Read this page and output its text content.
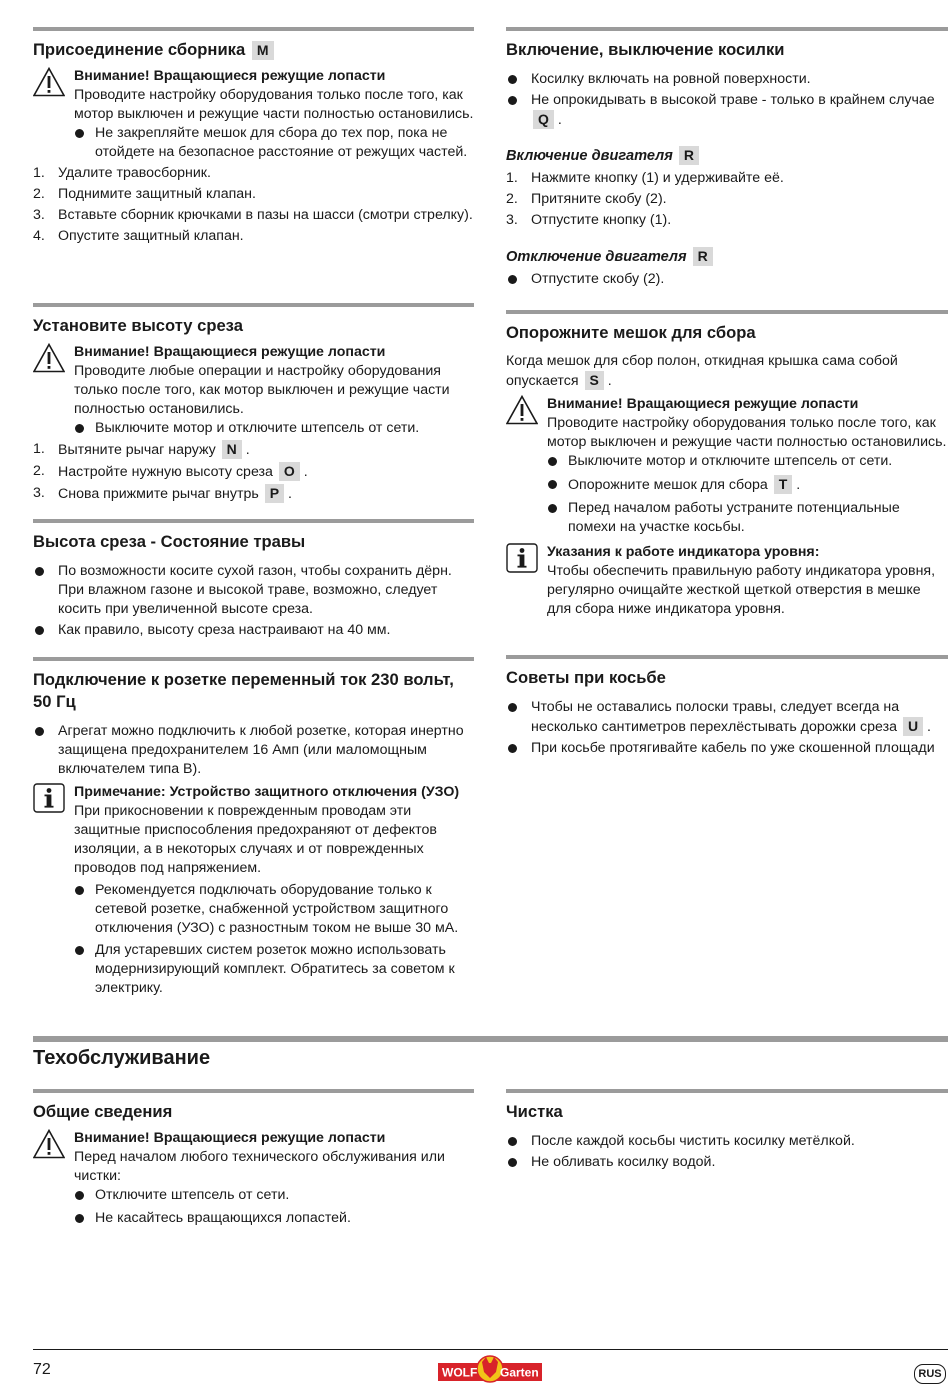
Присоединение сборника M

Внимание! Вращающиеся режущие лопасти

Проводите настройку оборудования только после того, как мотор выключен и режущие части полностью остановились.

Не закрепляйте мешок для сбора до тех пор, пока не отойдете на безопасное расстояние от режущих частей.
1. Удалите травосборник.
2. Поднимите защитный клапан.
3. Вставьте сборник крючками в пазы на шасси (смотри стрелку).
4. Опустите защитный клапан.
Установите высоту среза

Внимание! Вращающиеся режущие лопасти

Проводите любые операции и настройку оборудования только после того, как мотор выключен и режущие части полностью остановились.

Выключите мотор и отключите штепсель от сети.
1. Вытяните рычаг наружу N .
2. Настройте нужную высоту среза O .
3. Снова прижмите рычаг внутрь P .
Высота среза - Состояние травы
По возможности косите сухой газон, чтобы сохранить дёрн. При влажном газоне и высокой траве, возможно, следует косить при увеличенной высоте среза.
Как правило, высоту среза настраивают на 40 мм.
Подключение к розетке переменный ток 230 вольт, 50 Гц
Агрегат можно подключить к любой розетке, которая инертно защищена предохранителем 16 Амп (или маломощным включателем типа B).

Примечание: Устройство защитного отключения (УЗО)

При прикосновении к поврежденным проводам эти защитные приспособления предохраняют от дефектов изоляции, а в некоторых случаях и от поврежденных проводов под напряжением.

Рекомендуется подключать оборудование только к сетевой розетке, снабженной устройством защитного отключения (УЗО) с разностным током не выше 30 мА.
Для устаревших систем розеток можно использовать модернизирующий комплект. Обратитесь за советом к электрику.
Включение, выключение косилки
Косилку включать на ровной поверхности.
Не опрокидывать в высокой траве - только в крайнем случае
Q .
Включение двигателя R
1. Нажмите кнопку (1) и удерживайте её.
2. Притяните скобу (2).
3. Отпустите кнопку (1).
Отключение двигателя R
Отпустите скобу (2).
Опорожните мешок для сбора

Когда мешок для сбор полон, откидная крышка сама собой опускается S .

Внимание! Вращающиеся режущие лопасти

Проводите настройку оборудования только после того, как мотор выключен и режущие части полностью остановились.

Выключите мотор и отключите штепсель от сети.
Опорожните мешок для сбора T .
Перед началом работы устраните потенциальные помехи на участке косьбы.

Указания к работе индикатора уровня:

Чтобы обеспечить правильную работу индикатора уровня, регулярно очищайте жесткой щеткой отверстия в мешке для сбора ниже индикатора уровня.

Советы при косьбе
Чтобы не оставались полоски травы, следует всегда на несколько сантиметров перехлёстывать дорожки среза U .
При косьбе протягивайте кабель по уже скошенной площади
Техобслуживание
Общие сведения

Внимание! Вращающиеся режущие лопасти

Перед началом любого технического обслуживания или чистки:

Отключите штепсель от сети.
Не касайтесь вращающихся лопастей.
Чистка
После каждой косьбы чистить косилку метёлкой.
Не обливать косилку водой.
72	WOLF Garten	RUS
